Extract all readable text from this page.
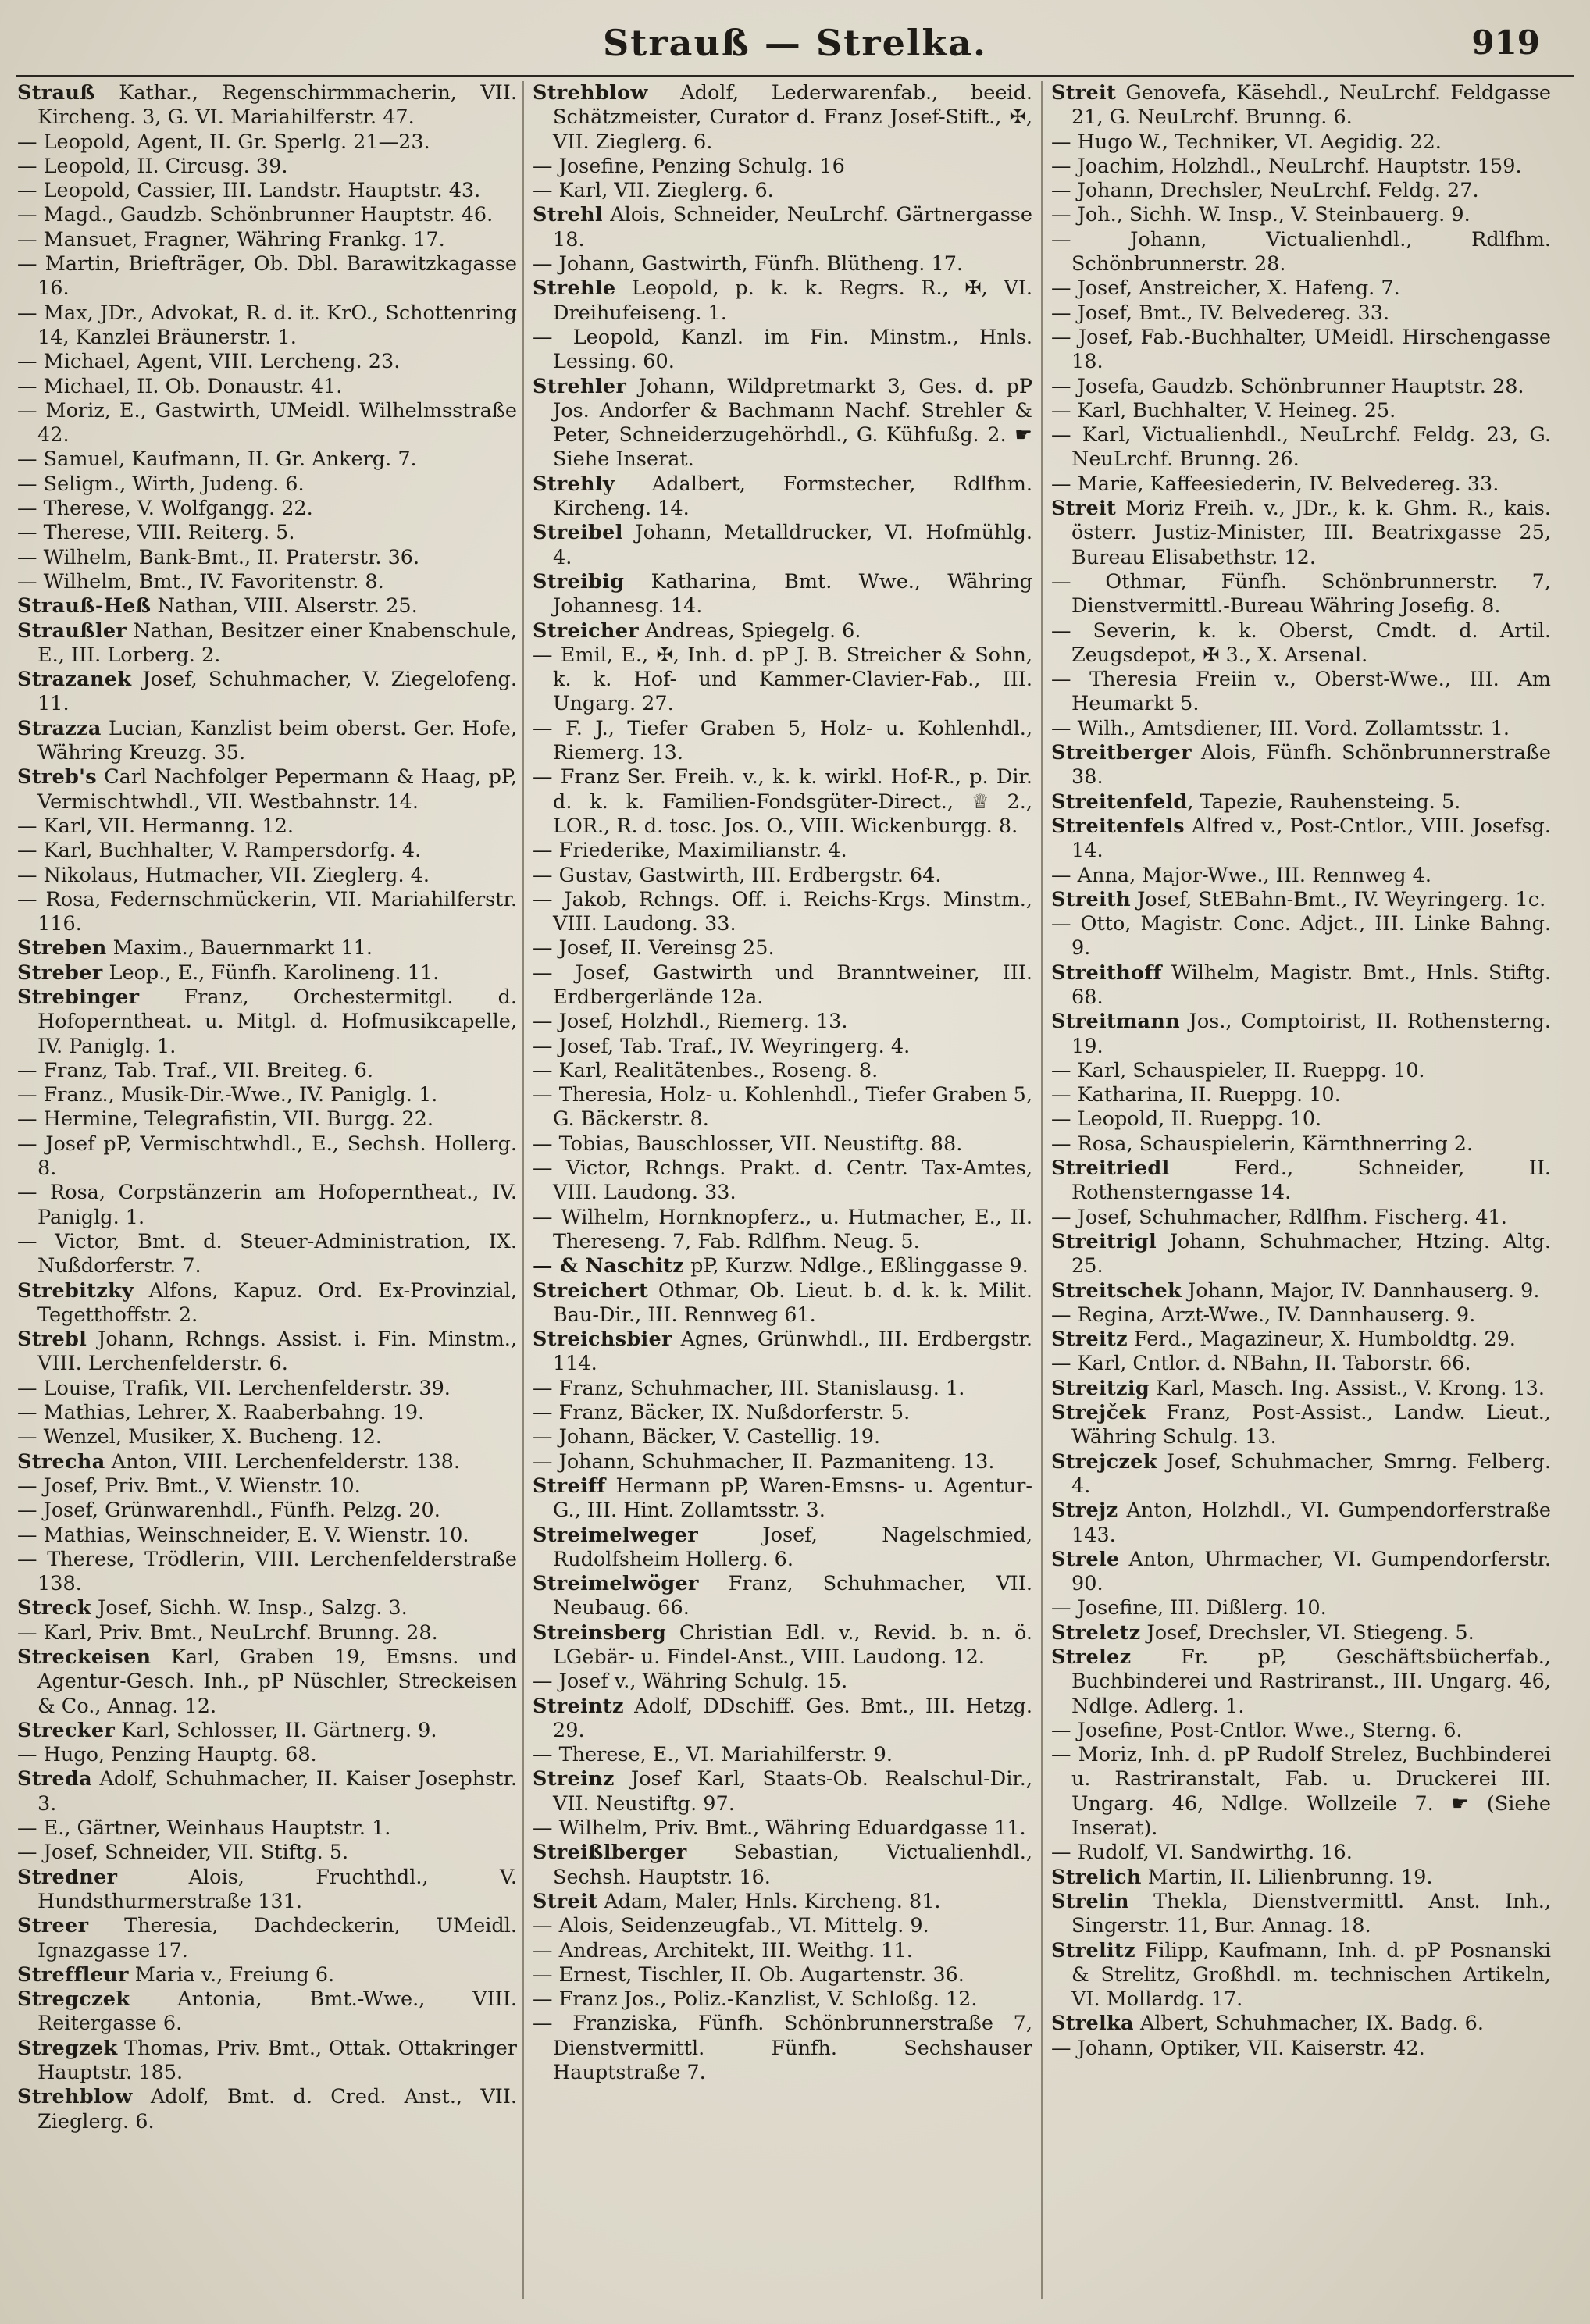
Strauß — Strelka.	919

Strauß Kathar., Regenschirmmacherin, VII. Kircheng. 3, G. VI. Mariahilferstr. 47.

— Leopold, Agent, II. Gr. Sperlg. 21—23.

— Leopold, II. Circusg. 39.

— Leopold, Cassier, III. Landstr. Hauptstr. 43.

— Magd., Gaudzb. Schönbrunner Hauptstr. 46.

— Mansuet, Fragner, Währing Frankg. 17.

— Martin, Briefträger, Ob. Dbl. Barawitzkagasse 16.

— Max, JDr., Advokat, R. d. it. KrO., Schottenring 14, Kanzlei Bräunerstr. 1.

— Michael, Agent, VIII. Lercheng. 23.

— Michael, II. Ob. Donaustr. 41.

— Moriz, E., Gastwirth, UMeidl. Wilhelmsstraße 42.

— Samuel, Kaufmann, II. Gr. Ankerg. 7.

— Seligm., Wirth, Judeng. 6.

— Therese, V. Wolfgangg. 22.

— Therese, VIII. Reiterg. 5.

— Wilhelm, Bank-Bmt., II. Praterstr. 36.

— Wilhelm, Bmt., IV. Favoritenstr. 8.

Strauß-Heß Nathan, VIII. Alserstr. 25.

Straußler Nathan, Besitzer einer Knabenschule, E., III. Lorberg. 2.

Strazanek Josef, Schuhmacher, V. Ziegelofeng. 11.

Strazza Lucian, Kanzlist beim oberst. Ger. Hofe, Währing Kreuzg. 35.

Streb's Carl Nachfolger Pepermann & Haag, pP, Vermischtwhdl., VII. Westbahnstr. 14.

— Karl, VII. Hermanng. 12.

— Karl, Buchhalter, V. Rampersdorfg. 4.

— Nikolaus, Hutmacher, VII. Zieglerg. 4.

— Rosa, Federnschmückerin, VII. Mariahilferstr. 116.

Streben Maxim., Bauernmarkt 11.

Streber Leop., E., Fünfh. Karolineng. 11.

Strebinger Franz, Orchestermitgl. d. Hofoperntheat. u. Mitgl. d. Hofmusikcapelle, IV. Paniglg. 1.

— Franz, Tab. Traf., VII. Breiteg. 6.

— Franz., Musik-Dir.-Wwe., IV. Paniglg. 1.

— Hermine, Telegrafistin, VII. Burgg. 22.

— Josef pP, Vermischtwhdl., E., Sechsh. Hollerg. 8.

— Rosa, Corpstänzerin am Hofoperntheat., IV. Paniglg. 1.

— Victor, Bmt. d. Steuer-Administration, IX. Nußdorferstr. 7.

Strebitzky Alfons, Kapuz. Ord. Ex-Provinzial, Tegetthoffstr. 2.

Strebl Johann, Rchngs. Assist. i. Fin. Minstm., VIII. Lerchenfelderstr. 6.

— Louise, Trafik, VII. Lerchenfelderstr. 39.

— Mathias, Lehrer, X. Raaberbahng. 19.

— Wenzel, Musiker, X. Bucheng. 12.

Strecha Anton, VIII. Lerchenfelderstr. 138.

— Josef, Priv. Bmt., V. Wienstr. 10.

— Josef, Grünwarenhdl., Fünfh. Pelzg. 20.

— Mathias, Weinschneider, E. V. Wienstr. 10.

— Therese, Trödlerin, VIII. Lerchenfelderstraße 138.

Streck Josef, Sichh. W. Insp., Salzg. 3.

— Karl, Priv. Bmt., NeuLrchf. Brunng. 28.

Streckeisen Karl, Graben 19, Emsns. und Agentur-Gesch. Inh., pP Nüschler, Streckeisen & Co., Annag. 12.

Strecker Karl, Schlosser, II. Gärtnerg. 9.

— Hugo, Penzing Hauptg. 68.

Streda Adolf, Schuhmacher, II. Kaiser Josephstr. 3.

— E., Gärtner, Weinhaus Hauptstr. 1.

— Josef, Schneider, VII. Stiftg. 5.

Stredner Alois, Fruchthdl., V. Hundsthurmerstraße 131.

Streer Theresia, Dachdeckerin, UMeidl. Ignazgasse 17.

Streffleur Maria v., Freiung 6.

Stregczek Antonia, Bmt.-Wwe., VIII. Reitergasse 6.

Stregzek Thomas, Priv. Bmt., Ottak. Ottakringer Hauptstr. 185.

Strehblow Adolf, Bmt. d. Cred. Anst., VII. Zieglerg. 6.

Strehblow Adolf, Lederwarenfab., beeid. Schätzmeister, Curator d. Franz Josef-Stift., ✠, VII. Zieglerg. 6.

— Josefine, Penzing Schulg. 16

— Karl, VII. Zieglerg. 6.

Strehl Alois, Schneider, NeuLrchf. Gärtnergasse 18.

— Johann, Gastwirth, Fünfh. Blütheng. 17.

Strehle Leopold, p. k. k. Regrs. R., ✠, VI. Dreihufeiseng. 1.

— Leopold, Kanzl. im Fin. Minstm., Hnls. Lessing. 60.

Strehler Johann, Wildpretmarkt 3, Ges. d. pP Jos. Andorfer & Bachmann Nachf. Strehler & Peter, Schneiderzugehörhdl., G. Kühfußg. 2. ☛ Siehe Inserat.

Strehly Adalbert, Formstecher, Rdlfhm. Kircheng. 14.

Streibel Johann, Metalldrucker, VI. Hofmühlg. 4.

Streibig Katharina, Bmt. Wwe., Währing Johannesg. 14.

Streicher Andreas, Spiegelg. 6.

— Emil, E., ✠, Inh. d. pP J. B. Streicher & Sohn, k. k. Hof- und Kammer-Clavier-Fab., III. Ungarg. 27.

— F. J., Tiefer Graben 5, Holz- u. Kohlenhdl., Riemerg. 13.

— Franz Ser. Freih. v., k. k. wirkl. Hof-R., p. Dir. d. k. k. Familien-Fondsgüter-Direct., ♕ 2., LOR., R. d. tosc. Jos. O., VIII. Wickenburgg. 8.

— Friederike, Maximilianstr. 4.

— Gustav, Gastwirth, III. Erdbergstr. 64.

— Jakob, Rchngs. Off. i. Reichs-Krgs. Minstm., VIII. Laudong. 33.

— Josef, II. Vereinsg 25.

— Josef, Gastwirth und Branntweiner, III. Erdbergerlände 12a.

— Josef, Holzhdl., Riemerg. 13.

— Josef, Tab. Traf., IV. Weyringerg. 4.

— Karl, Realitätenbes., Roseng. 8.

— Theresia, Holz- u. Kohlenhdl., Tiefer Graben 5, G. Bäckerstr. 8.

— Tobias, Bauschlosser, VII. Neustiftg. 88.

— Victor, Rchngs. Prakt. d. Centr. Tax-Amtes, VIII. Laudong. 33.

— Wilhelm, Hornknopferz., u. Hutmacher, E., II. Thereseng. 7, Fab. Rdlfhm. Neug. 5.

— & Naschitz pP, Kurzw. Ndlge., Eßlinggasse 9.

Streichert Othmar, Ob. Lieut. b. d. k. k. Milit. Bau-Dir., III. Rennweg 61.

Streichsbier Agnes, Grünwhdl., III. Erdbergstr. 114.

— Franz, Schuhmacher, III. Stanislausg. 1.

— Franz, Bäcker, IX. Nußdorferstr. 5.

— Johann, Bäcker, V. Castellig. 19.

— Johann, Schuhmacher, II. Pazmaniteng. 13.

Streiff Hermann pP, Waren-Emsns- u. Agentur-G., III. Hint. Zollamtsstr. 3.

Streimelweger Josef, Nagelschmied, Rudolfsheim Hollerg. 6.

Streimelwöger Franz, Schuhmacher, VII. Neubaug. 66.

Streinsberg Christian Edl. v., Revid. b. n. ö. LGebär- u. Findel-Anst., VIII. Laudong. 12.

— Josef v., Währing Schulg. 15.

Streintz Adolf, DDschiff. Ges. Bmt., III. Hetzg. 29.

— Therese, E., VI. Mariahilferstr. 9.

Streinz Josef Karl, Staats-Ob. Realschul-Dir., VII. Neustiftg. 97.

— Wilhelm, Priv. Bmt., Währing Eduardgasse 11.

Streißlberger Sebastian, Victualienhdl., Sechsh. Hauptstr. 16.

Streit Adam, Maler, Hnls. Kircheng. 81.

— Alois, Seidenzeugfab., VI. Mittelg. 9.

— Andreas, Architekt, III. Weithg. 11.

— Ernest, Tischler, II. Ob. Augartenstr. 36.

— Franz Jos., Poliz.-Kanzlist, V. Schloßg. 12.

— Franziska, Fünfh. Schönbrunnerstraße 7, Dienstvermittl. Fünfh. Sechshauser Hauptstraße 7.

Streit Genovefa, Käsehdl., NeuLrchf. Feldgasse 21, G. NeuLrchf. Brunng. 6.

— Hugo W., Techniker, VI. Aegidig. 22.

— Joachim, Holzhdl., NeuLrchf. Hauptstr. 159.

— Johann, Drechsler, NeuLrchf. Feldg. 27.

— Joh., Sichh. W. Insp., V. Steinbauerg. 9.

— Johann, Victualienhdl., Rdlfhm. Schönbrunnerstr. 28.

— Josef, Anstreicher, X. Hafeng. 7.

— Josef, Bmt., IV. Belvedereg. 33.

— Josef, Fab.-Buchhalter, UMeidl. Hirschengasse 18.

— Josefa, Gaudzb. Schönbrunner Hauptstr. 28.

— Karl, Buchhalter, V. Heineg. 25.

— Karl, Victualienhdl., NeuLrchf. Feldg. 23, G. NeuLrchf. Brunng. 26.

— Marie, Kaffeesiederin, IV. Belvedereg. 33.

Streit Moriz Freih. v., JDr., k. k. Ghm. R., kais. österr. Justiz-Minister, III. Beatrixgasse 25, Bureau Elisabethstr. 12.

— Othmar, Fünfh. Schönbrunnerstr. 7, Dienstvermittl.-Bureau Währing Josefig. 8.

— Severin, k. k. Oberst, Cmdt. d. Artil. Zeugsdepot, ✠ 3., X. Arsenal.

— Theresia Freiin v., Oberst-Wwe., III. Am Heumarkt 5.

— Wilh., Amtsdiener, III. Vord. Zollamtsstr. 1.

Streitberger Alois, Fünfh. Schönbrunnerstraße 38.

Streitenfeld, Tapezie, Rauhensteing. 5.

Streitenfels Alfred v., Post-Cntlor., VIII. Josefsg. 14.

— Anna, Major-Wwe., III. Rennweg 4.

Streith Josef, StEBahn-Bmt., IV. Weyringerg. 1c.

— Otto, Magistr. Conc. Adjct., III. Linke Bahng. 9.

Streithoff Wilhelm, Magistr. Bmt., Hnls. Stiftg. 68.

Streitmann Jos., Comptoirist, II. Rothensterng. 19.

— Karl, Schauspieler, II. Rueppg. 10.

— Katharina, II. Rueppg. 10.

— Leopold, II. Rueppg. 10.

— Rosa, Schauspielerin, Kärnthnerring 2.

Streitriedl Ferd., Schneider, II. Rothensterngasse 14.

— Josef, Schuhmacher, Rdlfhm. Fischerg. 41.

Streitrigl Johann, Schuhmacher, Htzing. Altg. 25.

Streitschek Johann, Major, IV. Dannhauserg. 9.

— Regina, Arzt-Wwe., IV. Dannhauserg. 9.

Streitz Ferd., Magazineur, X. Humboldtg. 29.

— Karl, Cntlor. d. NBahn, II. Taborstr. 66.

Streitzig Karl, Masch. Ing. Assist., V. Krong. 13.

Strejček Franz, Post-Assist., Landw. Lieut., Währing Schulg. 13.

Strejczek Josef, Schuhmacher, Smrng. Felberg. 4.

Strejz Anton, Holzhdl., VI. Gumpendorferstraße 143.

Strele Anton, Uhrmacher, VI. Gumpendorferstr. 90.

— Josefine, III. Dißlerg. 10.

Streletz Josef, Drechsler, VI. Stiegeng. 5.

Strelez Fr. pP, Geschäftsbücherfab., Buchbinderei und Rastriranst., III. Ungarg. 46, Ndlge. Adlerg. 1.

— Josefine, Post-Cntlor. Wwe., Sterng. 6.

— Moriz, Inh. d. pP Rudolf Strelez, Buchbinderei u. Rastriranstalt, Fab. u. Druckerei III. Ungarg. 46, Ndlge. Wollzeile 7. ☛ (Siehe Inserat).

— Rudolf, VI. Sandwirthg. 16.

Strelich Martin, II. Lilienbrunng. 19.

Strelin Thekla, Dienstvermittl. Anst. Inh., Singerstr. 11, Bur. Annag. 18.

Strelitz Filipp, Kaufmann, Inh. d. pP Posnanski & Strelitz, Großhdl. m. technischen Artikeln, VI. Mollardg. 17.

Strelka Albert, Schuhmacher, IX. Badg. 6.

— Johann, Optiker, VII. Kaiserstr. 42.
